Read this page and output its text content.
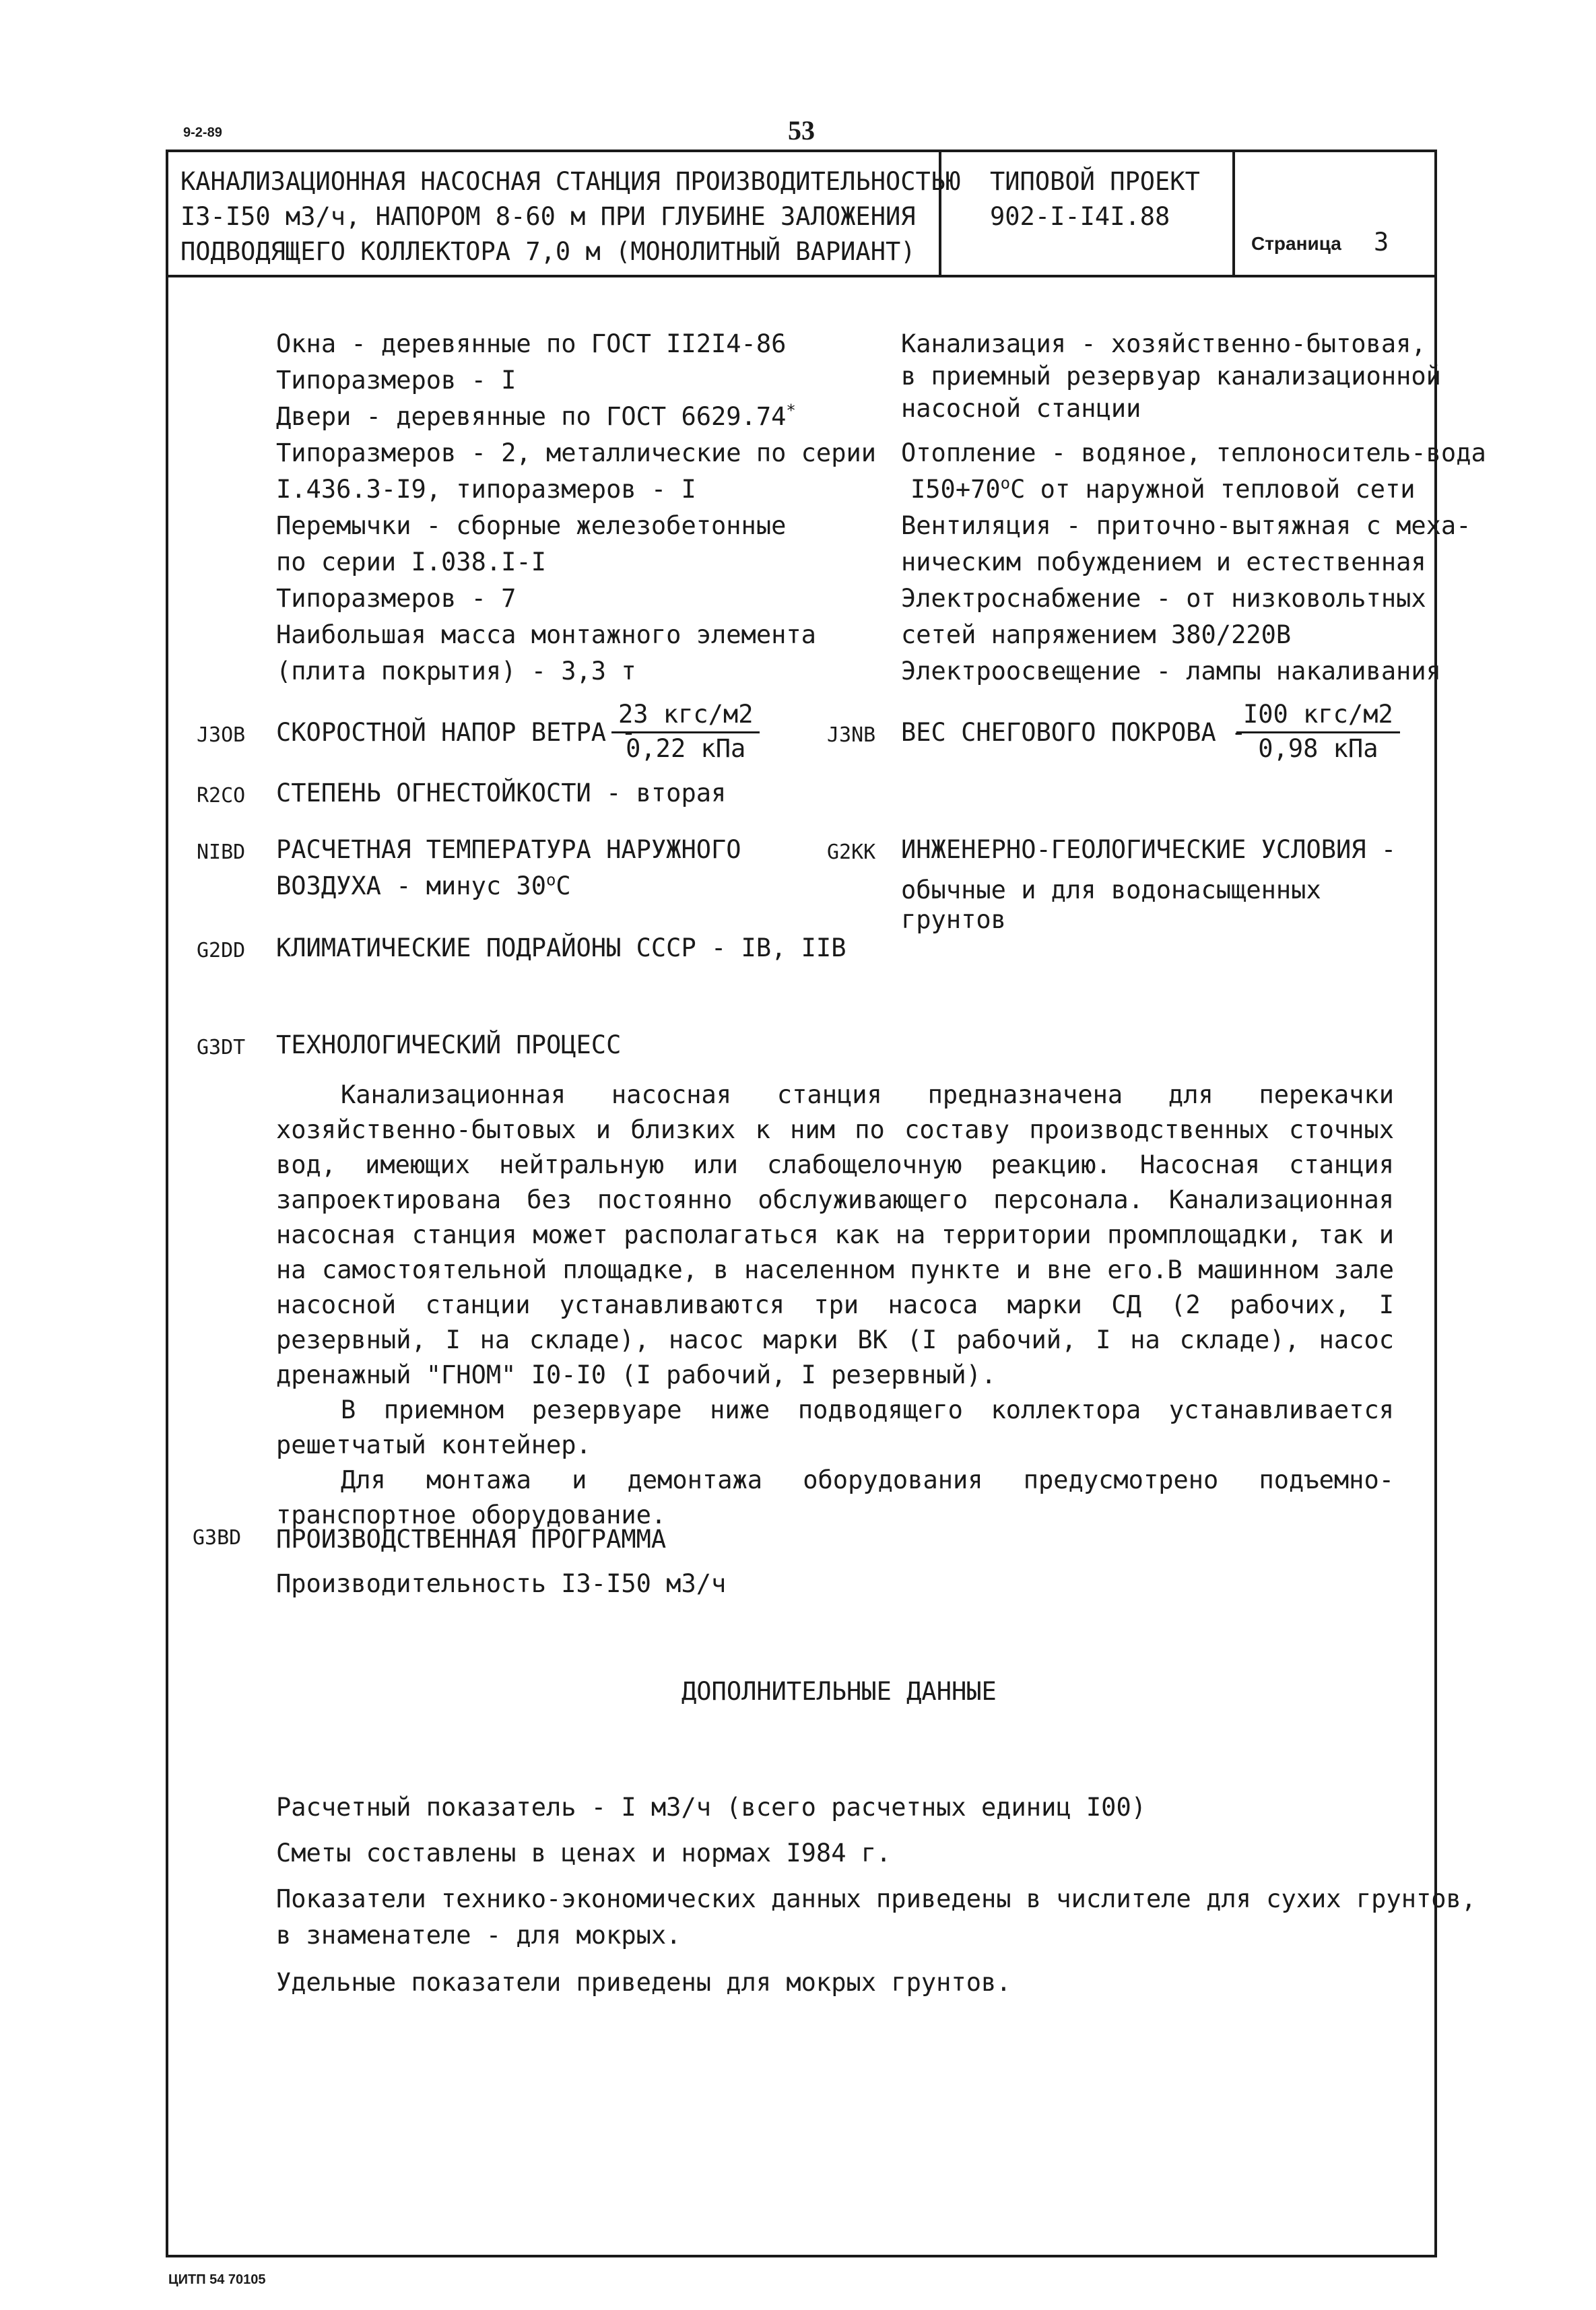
9-2-89	53
КАНАЛИЗАЦИОННАЯ НАСОСНАЯ СТАНЦИЯ ПРОИЗВОДИТЕЛЬНОСТЬЮ
I3-I50 м3/ч, НАПОРОМ 8-60 м ПРИ ГЛУБИНЕ ЗАЛОЖЕНИЯ
ПОДВОДЯЩЕГО КОЛЛЕКТОРА 7,0 м (МОНОЛИТНЫЙ ВАРИАНТ)
ТИПОВОЙ ПРОЕКТ
902-I-I4I.88
Страница 3
Окна - деревянные по ГОСТ II2I4-86
Типоразмеров - I
Двери - деревянные по ГОСТ 6629.74*
Типоразмеров - 2, металлические по серии
I.436.3-I9, типоразмеров - I
Перемычки - сборные железобетонные
по серии I.038.I-I
Типоразмеров - 7
Наибольшая масса монтажного элемента
(плита покрытия) - 3,3 т
Канализация - хозяйственно-бытовая,
в приемный резервуар канализационной
насосной станции
Отопление - водяное, теплоноситель-вода
$I50+70^оС$ от наружной тепловой сети
Вентиляция - приточно-вытяжная с меха-
ническим побуждением и естественная
Электроснабжение - от низковольтных
сетей напряжением 380/220В
Электроосвещение - лампы накаливания
J3ОВ СКОРОСТНОЙ НАПОР ВЕТРА -
$\frac{\text{23 кгс/м2}}{\text{0,22 кПа}}$	J3NB ВЕС СНЕГОВОГО ПОКРОВА -
$\frac{\text{I00 кгс/м2}}{\text{0,98 кПа}}$
R2CO СТЕПЕНЬ ОГНЕСТОЙКОСТИ - вторая
NIBD РАСЧЕТНАЯ ТЕМПЕРАТУРА НАРУЖНОГО
ВОЗДУХА - минус $30^оС$
G2KK ИНЖЕНЕРНО-ГЕОЛОГИЧЕСКИЕ УСЛОВИЯ -
обычные и для водонасыщенных
грунтов
G2DD КЛИМАТИЧЕСКИЕ ПОДРАЙОНЫ СССР - IВ, IIВ
G3DT ТЕХНОЛОГИЧЕСКИЙ ПРОЦЕСС

Канализационная насосная станция предназначена для перекачки хозяйственно-бытовых и близких к ним по составу производственных сточных вод, имеющих нейтральную или слабощелочную реакцию. Насосная станция запроектирована без постоянно обслуживающего персонала. Канализационная насосная станция может располагаться как на территории промплощадки, так и на самостоятельной площадке, в населенном пункте и вне его.В машинном зале насосной станции устанавливаются три насоса марки СД (2 рабочих, I резервный, I на складе), насос марки ВК (I рабочий, I на складе), насос дренажный "ГНОМ" I0-I0 (I рабочий, I резервный).

В приемном резервуаре ниже подводящего коллектора устанавливается решетчатый контейнер.

Для монтажа и демонтажа оборудования предусмотрено подъемно-транспортное оборудование.

G3ВD ПРОИЗВОДСТВЕННАЯ ПРОГРАММА
Производительность I3-I50 м3/ч
ДОПОЛНИТЕЛЬНЫЕ ДАННЫЕ
Расчетный показатель - I м3/ч (всего расчетных единиц I00)
Сметы составлены в ценах и нормах I984 г.
Показатели технико-экономических данных приведены в числителе для сухих грунтов,
в знаменателе - для мокрых.
Удельные показатели приведены для мокрых грунтов.
ЦИТП 54 70105
